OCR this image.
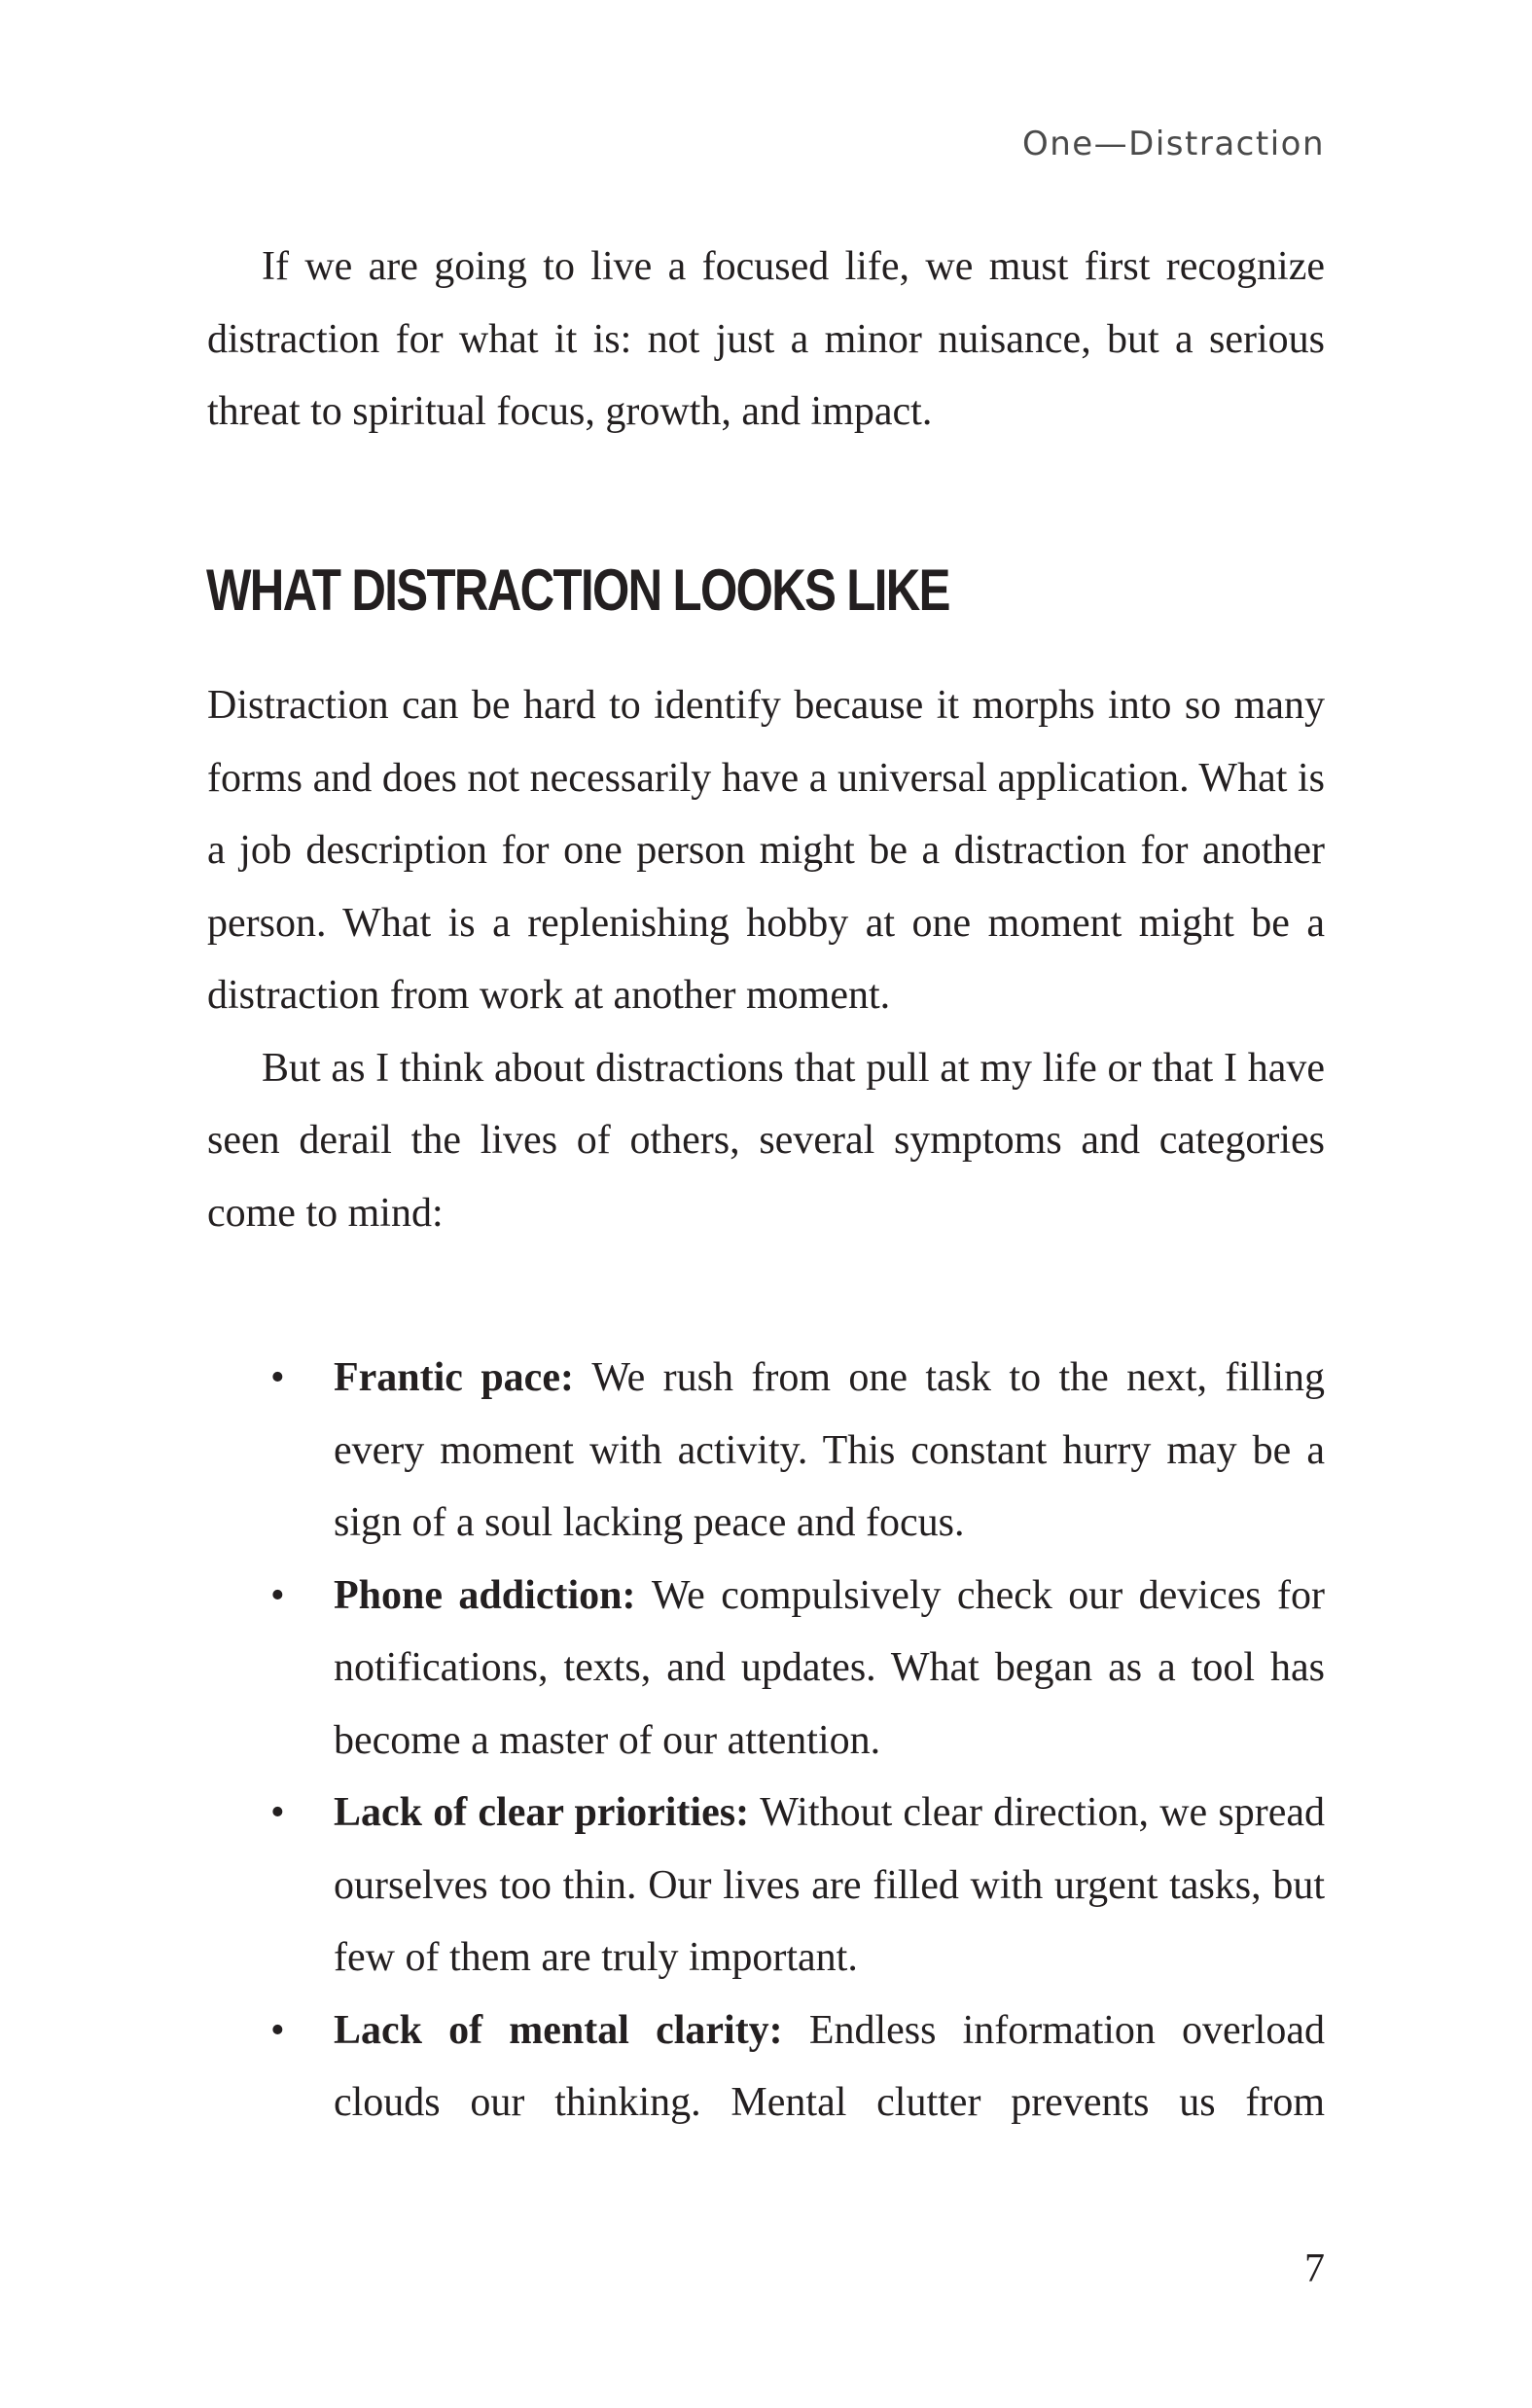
One—Distraction

If we are going to live a focused life, we must first recognize distraction for what it is: not just a minor nuisance, but a serious threat to spiritual focus, growth, and impact.

WHAT DISTRACTION LOOKS LIKE

Distraction can be hard to identify because it morphs into so many forms and does not necessarily have a universal application. What is a job description for one person might be a distraction for another person. What is a replenishing hobby at one moment might be a distraction from work at another moment.

But as I think about distractions that pull at my life or that I have seen derail the lives of others, several symptoms and categories come to mind:

• Frantic pace: We rush from one task to the next, filling every moment with activity. This constant hurry may be a sign of a soul lacking peace and focus.
• Phone addiction: We compulsively check our devices for notifications, texts, and updates. What began as a tool has become a master of our attention.
• Lack of clear priorities: Without clear direction, we spread ourselves too thin. Our lives are filled with urgent tasks, but few of them are truly important.
• Lack of mental clarity: Endless information overload clouds our thinking. Mental clutter prevents us from
7
